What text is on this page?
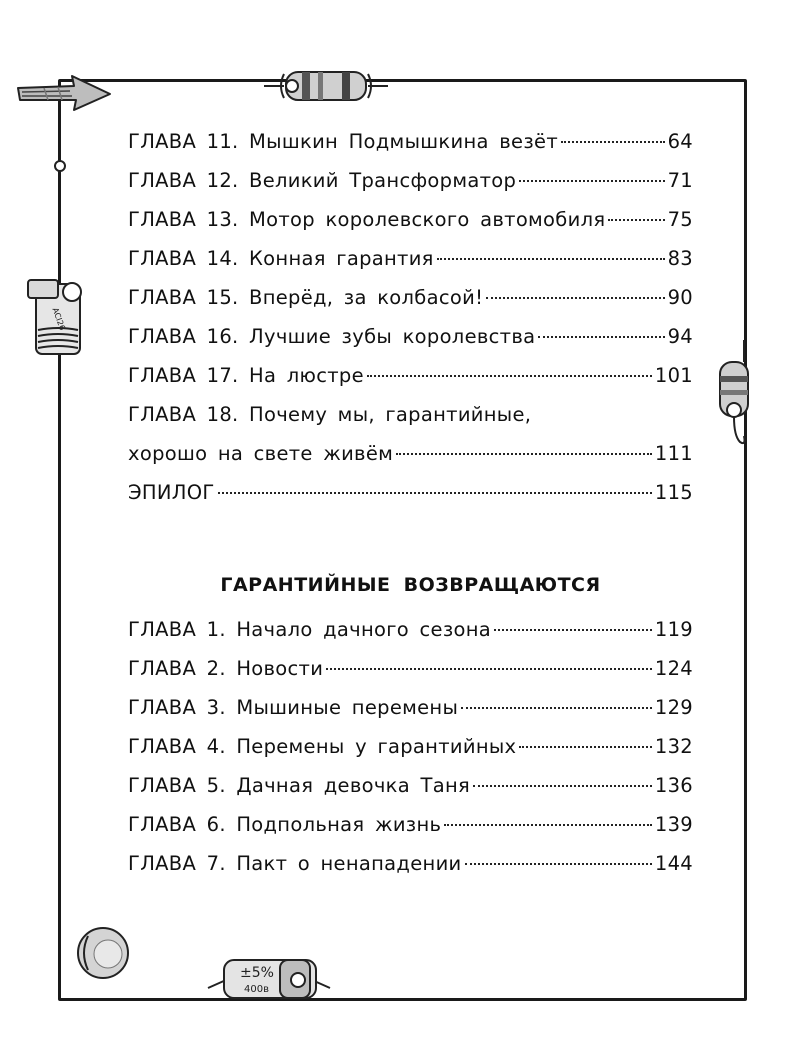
ACI26
±5%
400в
ГЛАВА 11. Мышкин Подмышкина везёт	64
ГЛАВА 12. Великий Трансформатор	71
ГЛАВА 13. Мотор королевского автомобиля	75
ГЛАВА 14. Конная гарантия	83
ГЛАВА 15. Вперёд, за колбасой!	90
ГЛАВА 16. Лучшие зубы королевства	94
ГЛАВА 17. На люстре	101
ГЛАВА 18. Почему мы, гарантийные,
хорошо на свете живём	111
ЭПИЛОГ	115
ГАРАНТИЙНЫЕ ВОЗВРАЩАЮТСЯ
ГЛАВА 1. Начало дачного сезона	119
ГЛАВА 2. Новости	124
ГЛАВА 3. Мышиные перемены	129
ГЛАВА 4. Перемены у гарантийных	132
ГЛАВА 5. Дачная девочка Таня	136
ГЛАВА 6. Подпольная жизнь	139
ГЛАВА 7. Пакт о ненападении	144
